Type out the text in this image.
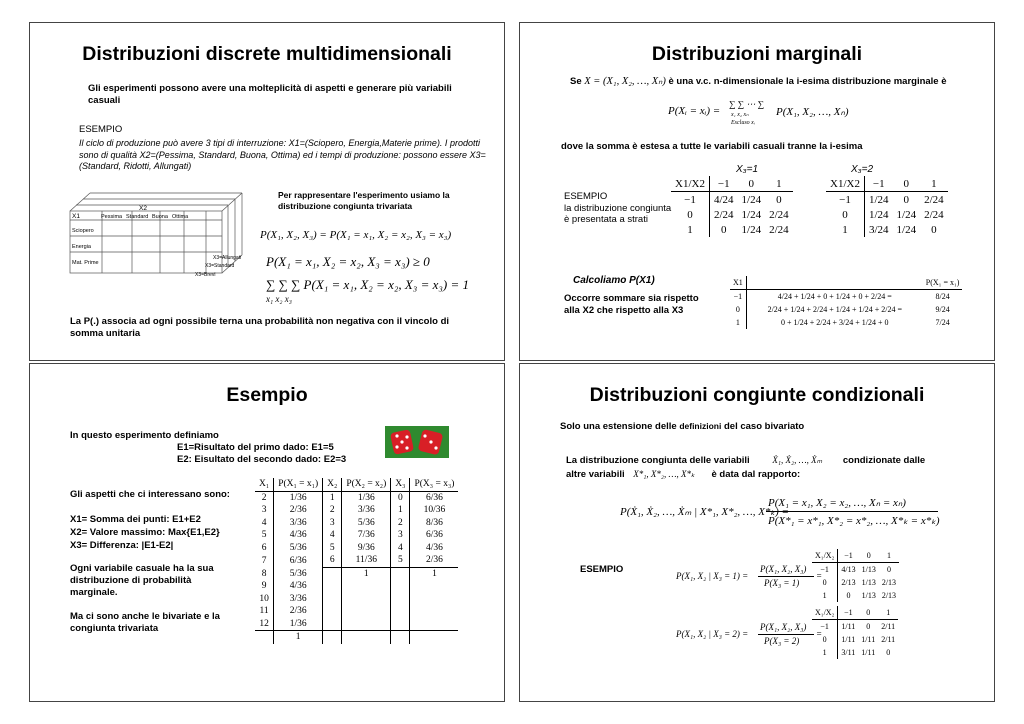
Distribuzioni discrete multidimensionali
Gli esperimenti possono avere una molteplicità di aspetti e generare più variabili casuali
ESEMPIO
Il ciclo di produzione può avere 3 tipi di interruzione: X1=(Sciopero, Energia,Materie prime). I prodotti sono di qualità X2=(Pessima, Standard, Buona, Ottima) ed i tempi di produzione: possono essere X3=(Standard, Ridotti, Allungati)
X2
X1	Pessima Standard Buona Ottima
Sciopero
Energia
Mat. Prime
X3=Allungati
X3=Standard
X3=Brevi
Per rappresentare l'esperimento usiamo la distribuzione congiunta trivariata
P(X₁, X₂, X₃) = P(X₁ = x₁, X₂ = x₂, X₃ = x₃)
P(X₁ = x₁, X₂ = x₂, X₃ = x₃) ≥ 0
∑ ∑ ∑ P(X₁ = x₁, X₂ = x₂, X₃ = x₃) = 1
x₁ x₂ x₃
La P(.) associa ad ogni possibile terna una probabilità non negativa con il vincolo di somma unitaria
Distribuzioni marginali
Se X = (X₁, X₂, …, Xₙ) è una v.c. n-dimensionale la i-esima distribuzione marginale è
P(Xᵢ = xᵢ) =
∑ ∑ ⋯ ∑
x₁ x₂ xₙ
Escluso xᵢ
P(X₁, X₂, …, Xₙ)
dove la somma è estesa a tutte le variabili casuali tranne la i-esima
X₃=1	X₃=2
ESEMPIO
la distribuzione congiunta è presentata a strati
X1/X2	−1	0	1
−1	4/24	1/24	0
0	2/24	1/24	2/24
1	0	1/24	2/24
X1/X2	−1	0	1
−1	1/24	0	2/24
0	1/24	1/24	2/24
1	3/24	1/24	0
Calcoliamo P(X1)
Occorre sommare sia rispetto alla X2 che rispetto alla X3
X1		P(X₁ = x₁)
−1	4/24 + 1/24 + 0 + 1/24 + 0 + 2/24 =	8/24
0	2/24 + 1/24 + 2/24 + 1/24 + 1/24 + 2/24 =	9/24
1	0 + 1/24 + 2/24 + 3/24 + 1/24 + 0	7/24
Esempio
In questo esperimento definiamo
E1=Risultato del primo dado: E1=5
E2: Eisultato del secondo dado: E2=3
Gli aspetti che ci interessano sono:
X1= Somma dei punti: E1+E2
X2= Valore massimo: Max{E1,E2}
X3= Differenza: |E1-E2|
Ogni variabile casuale ha la sua distribuzione di probabilità marginale.
Ma ci sono anche le bivariate e la congiunta trivariata
X₁	P(X₁ = x₁)	X₂	P(X₂ = x₂)	X₃	P(X₃ = x₃)
2	1/36	1	1/36	0	6/36
3	2/36	2	3/36	1	10/36
4	3/36	3	5/36	2	8/36
5	4/36	4	7/36	3	6/36
6	5/36	5	9/36	4	4/36
7	6/36	6	11/36	5	2/36
8	5/36		1		1
9	4/36				
10	3/36				
11	2/36				
12	1/36				
	1				
Distribuzioni congiunte condizionali
Solo una estensione delle definizioni del caso bivariato
La distribuzione congiunta delle variabili	Ẋ₁, Ẋ₂, …, Ẋₘ condizionate dalle
altre variabili X*₁, X*₂, …, X*ₖ è data dal rapporto:
P(Ẋ₁, Ẋ₂, …, Ẋₘ | X*₁, X*₂, …, X*ₖ) =
P(X₁ = x₁, X₂ = x₂, …, Xₙ = xₙ)
P(X*₁ = x*₁, X*₂ = x*₂, …, X*ₖ = x*ₖ)
ESEMPIO
P(X₁, X₂ | X₃ = 1) =
P(X₁, X₂, X₃)
P(X₃ = 1)
=
X₁/X₂	−1	0	1
−1	4/13	1/13	0
0	2/13	1/13	2/13
1	0	1/13	2/13
P(X₁, X₂ | X₃ = 2) =
P(X₁, X₂, X₃)
P(X₃ = 2)
=
X₁/X₂	−1	0	1
−1	1/11	0	2/11
0	1/11	1/11	2/11
1	3/11	1/11	0
